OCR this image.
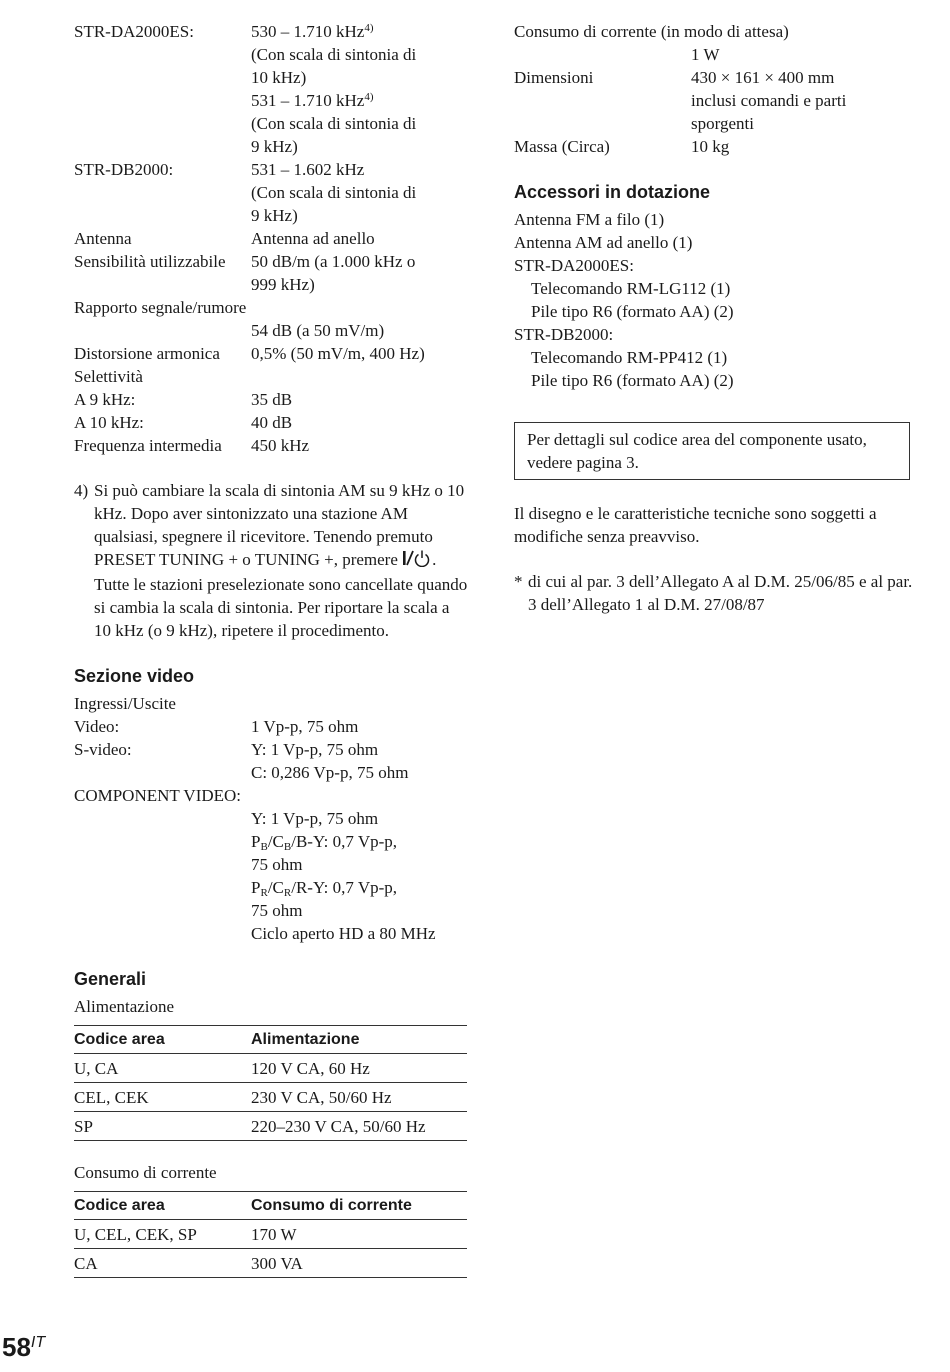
STR-DA2000ES:	530 – 1.710 kHz$^{4)}$
(Con scala di sintonia di
10 kHz)
531 – 1.710 kHz$^{4)}$
(Con scala di sintonia di
9 kHz)
STR-DB2000:	531 – 1.602 kHz
(Con scala di sintonia di
9 kHz)
Antenna	Antenna ad anello
Sensibilità utilizzabile	50 dB/m (a 1.000 kHz o
999 kHz)
Rapporto segnale/rumore
54 dB (a 50 mV/m)
Distorsione armonica	0,5% (50 mV/m, 400 Hz)
Selettività
A 9 kHz:	35 dB
A 10 kHz:	40 dB
Frequenza intermedia	450 kHz
4) Si può cambiare la scala di sintonia AM su 9 kHz o 10 kHz. Dopo aver sintonizzato una stazione AM qualsiasi, spegnere il ricevitore. Tenendo premuto PRESET TUNING + o TUNING +, premere . Tutte le stazioni preselezionate sono cancellate quando si cambia la scala di sintonia. Per riportare la scala a 10 kHz (o 9 kHz), ripetere il procedimento.
Sezione video
Ingressi/Uscite
Video:	1 Vp-p, 75 ohm
S-video:	Y: 1 Vp-p, 75 ohm
C: 0,286 Vp-p, 75 ohm
COMPONENT VIDEO:
Y: 1 Vp-p, 75 ohm
$P_B/C_B/B-Y$: 0,7 Vp-p,
75 ohm
$P_R/C_R/R-Y$: 0,7 Vp-p,
75 ohm
Ciclo aperto HD a 80 MHz
Generali
Alimentazione
Codice area	Alimentazione
U, CA	120 V CA, 60 Hz
CEL, CEK	230 V CA, 50/60 Hz
SP	220–230 V CA, 50/60 Hz
Consumo di corrente
Codice area	Consumo di corrente
U, CEL, CEK, SP	170 W
CA	300 VA
Consumo di corrente (in modo di attesa)
1 W
Dimensioni	430 × 161 × 400 mm
inclusi comandi e parti
sporgenti
Massa (Circa)	10 kg
Accessori in dotazione
Antenna FM a filo (1)
Antenna AM ad anello (1)
STR-DA2000ES:
Telecomando RM-LG112 (1)
Pile tipo R6 (formato AA) (2)
STR-DB2000:
Telecomando RM-PP412 (1)
Pile tipo R6 (formato AA) (2)
Per dettagli sul codice area del componente usato, vedere pagina 3.
Il disegno e le caratteristiche tecniche sono soggetti a modifiche senza preavviso.
* di cui al par. 3 dell’Allegato A al D.M. 25/06/85 e al par. 3 dell’Allegato 1 al D.M. 27/08/87
$58^{IT}$
